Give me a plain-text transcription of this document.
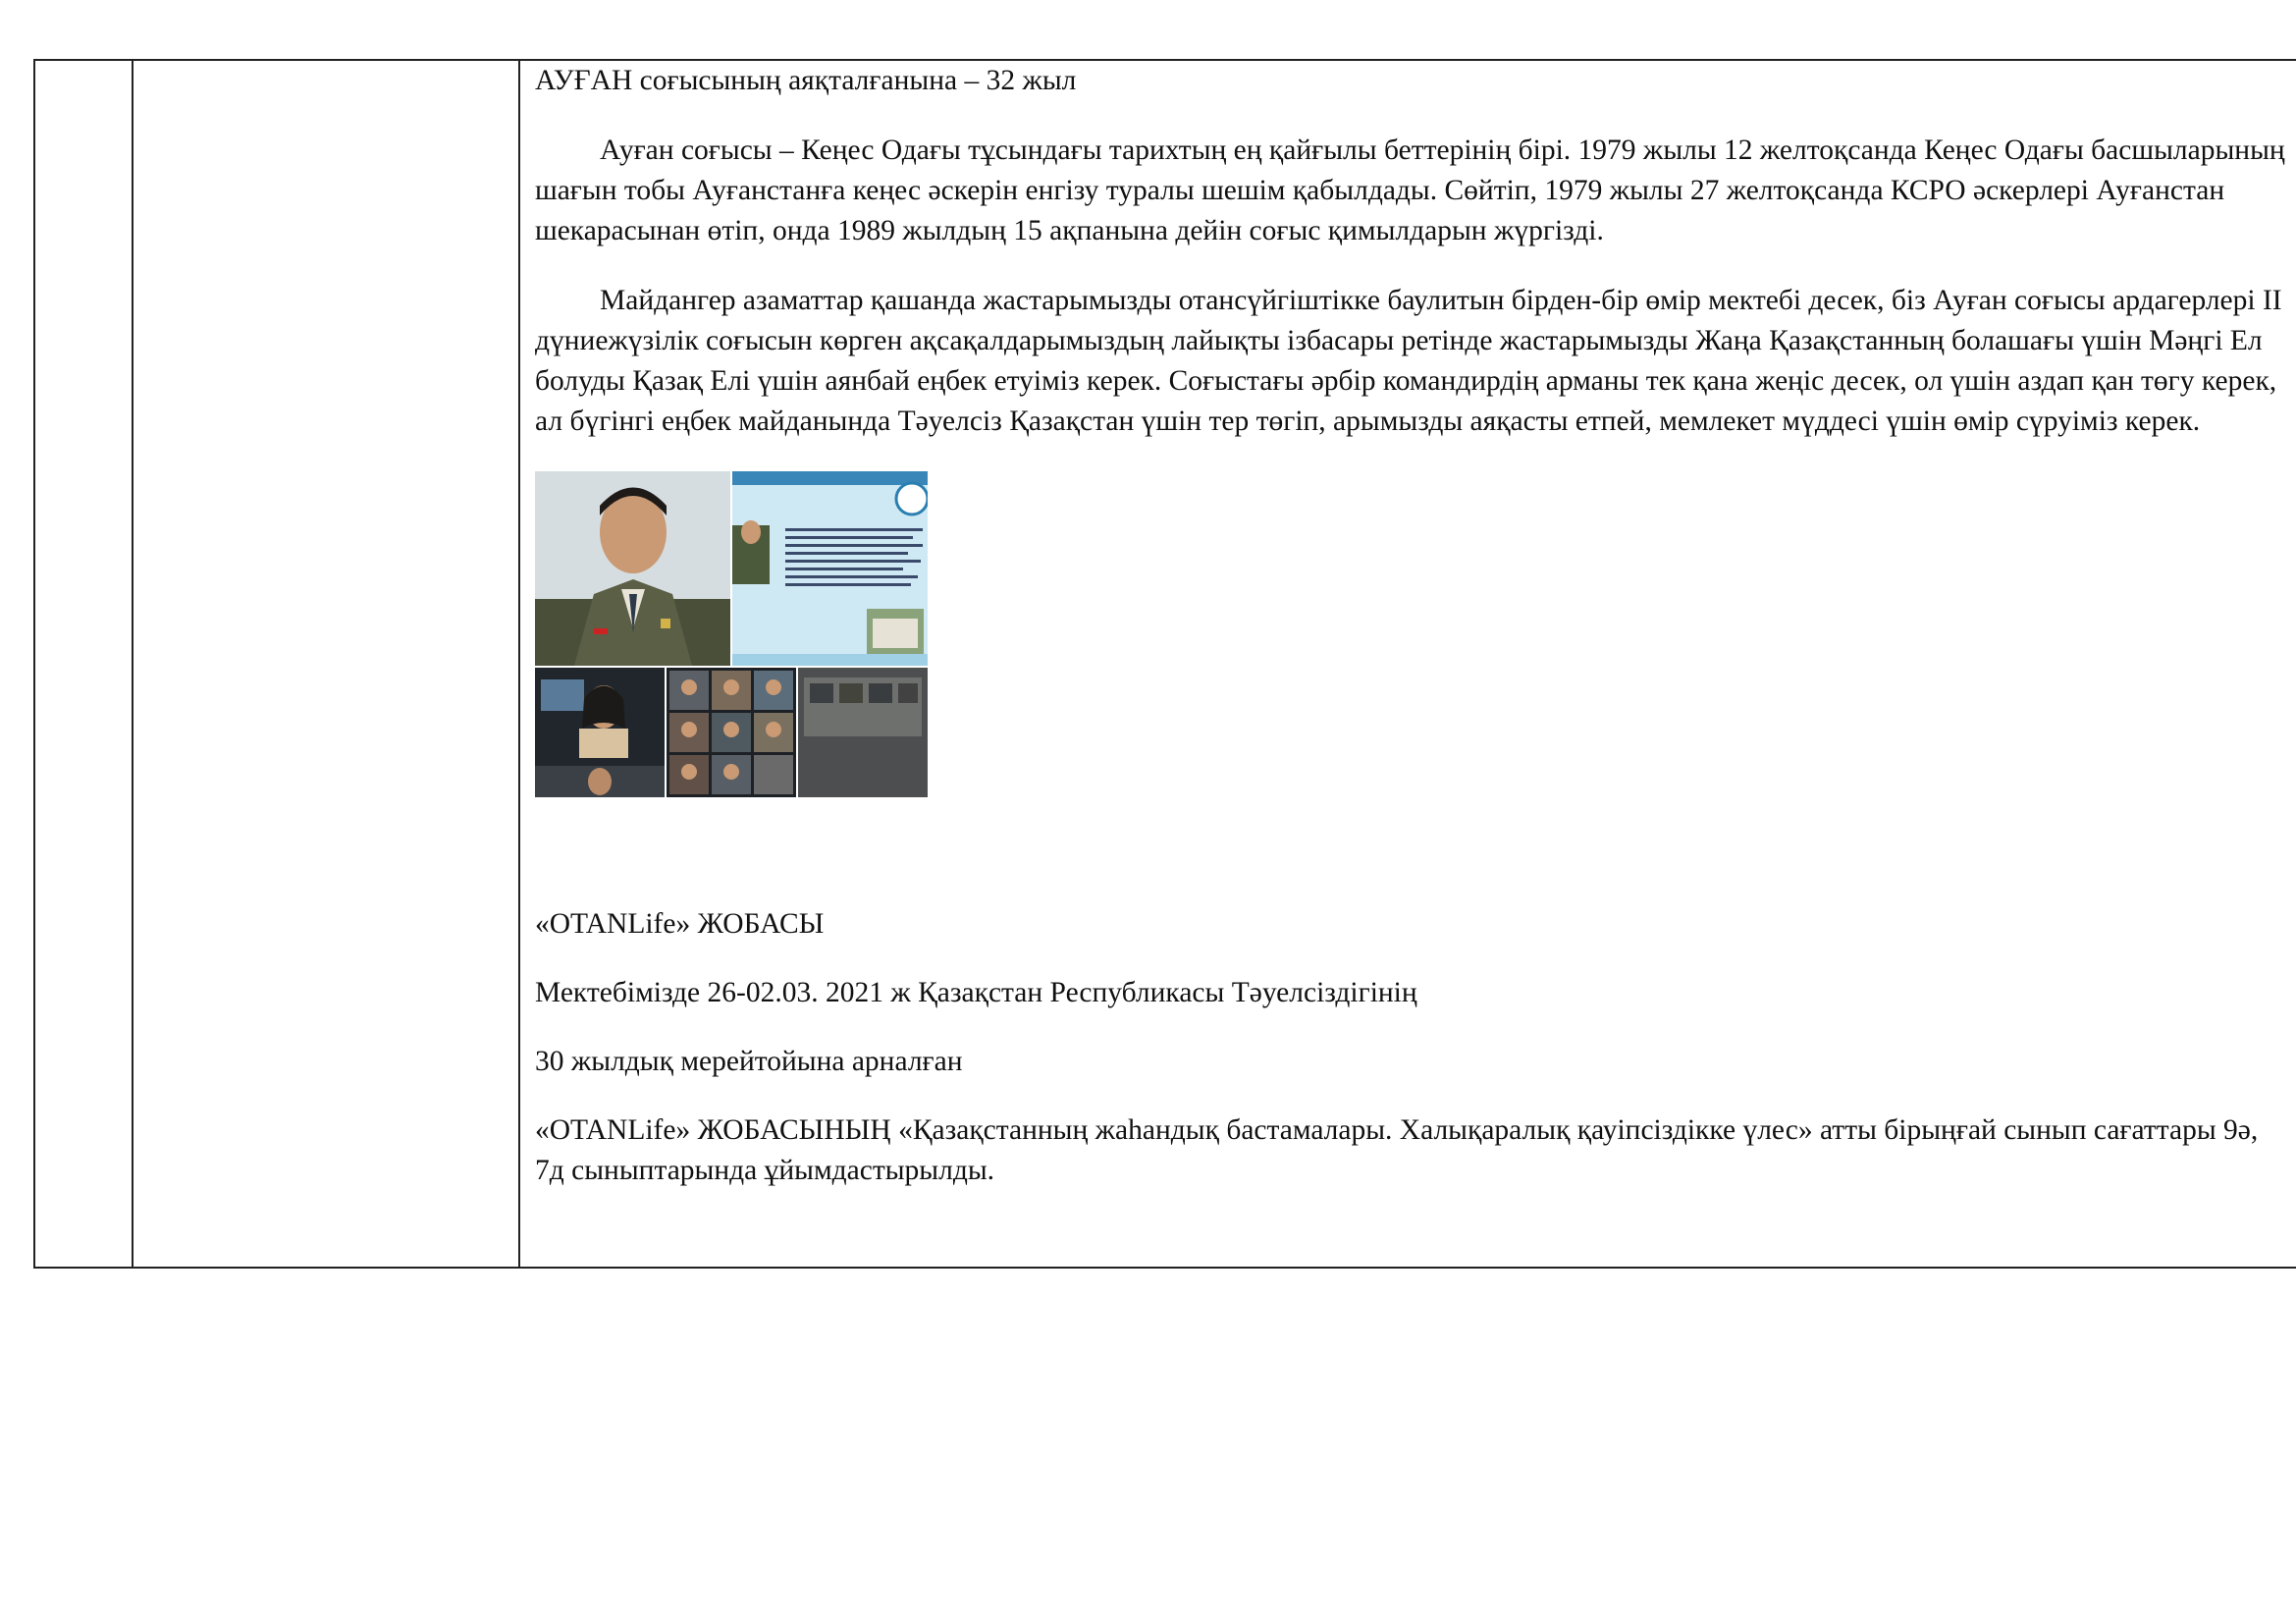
АУҒАН соғысының аяқталғанына – 32 жыл

Ауған соғысы – Кеңес Одағы тұсындағы тарихтың ең қайғылы беттерінің бірі. 1979 жылы 12 желтоқсанда Кеңес Одағы басшыларының шағын тобы Ауғанстанға кеңес әскерін енгізу туралы шешім қабылдады. Сөйтіп, 1979 жылы 27 желтоқсанда КСРО әскерлері Ауғанстан шекарасынан өтіп, онда 1989 жылдың 15 ақпанына дейін соғыс қимылдарын жүргізді.

Майдангер азаматтар қашанда жастарымызды отансүйгіштікке баулитын бірден-бір өмір мектебі десек, біз Ауған соғысы ардагерлері ІІ дүниежүзілік соғысын көрген ақсақалдарымыздың лайықты ізбасары ретінде жастарымызды Жаңа Қазақстанның болашағы үшін Мәңгі Ел болуды Қазақ Елі үшін аянбай еңбек етуіміз керек. Соғыстағы әрбір командирдің арманы тек қана жеңіс десек, ол үшін аздап қан төгу керек, ал бүгінгі еңбек майданында Тәуелсіз Қазақстан үшін тер төгіп, арымызды аяқасты етпей, мемлекет мүддесі үшін өмір сүруіміз керек.

«OTANLife» ЖОБАСЫ

Мектебімізде 26-02.03. 2021 ж Қазақстан Республикасы Тәуелсіздігінің

30 жылдық мерейтойына арналған

«OTANLife» ЖОБАСЫНЫҢ «Қазақстанның жаһандық бастамалары. Халықаралық қауіпсіздікке үлес» атты бірыңғай сынып сағаттары 9ә, 7д сыныптарында ұйымдастырылды.
